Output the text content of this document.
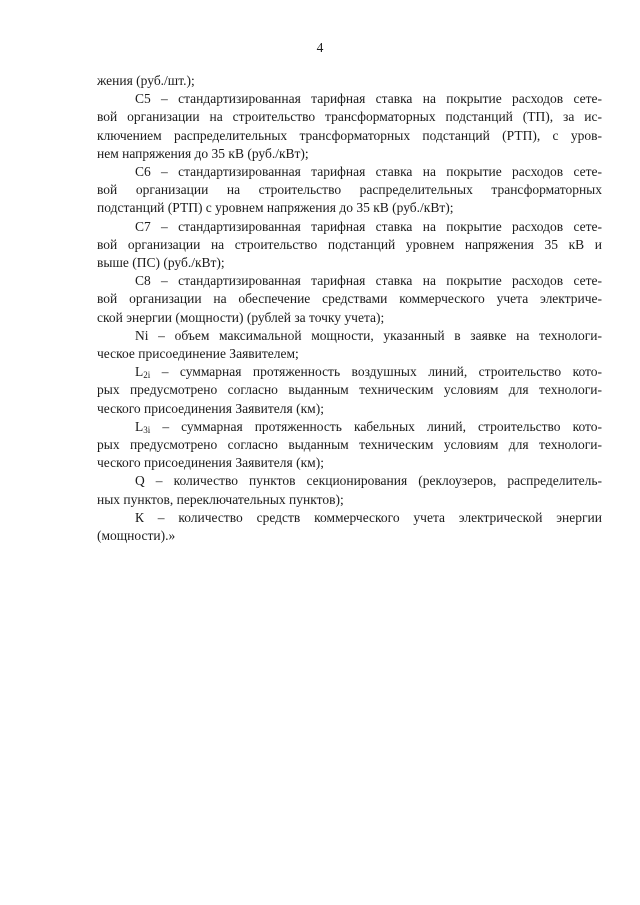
4
жения (руб./шт.);
С5 – стандартизированная тарифная ставка на покрытие расходов сете-
вой организации на строительство трансформаторных подстанций (ТП), за ис-
ключением распределительных трансформаторных подстанций (РТП), с уров-
нем напряжения до 35 кВ (руб./кВт);
С6 – стандартизированная тарифная ставка на покрытие расходов сете-
вой организации на строительство распределительных трансформаторных
подстанций (РТП) с уровнем напряжения до 35 кВ (руб./кВт);
С7 – стандартизированная тарифная ставка на покрытие расходов сете-
вой организации на строительство подстанций уровнем напряжения 35 кВ и
выше (ПС) (руб./кВт);
С8 – стандартизированная тарифная ставка на покрытие расходов сете-
вой организации на обеспечение средствами коммерческого учета электриче-
ской энергии (мощности) (рублей за точку учета);
Ni – объем максимальной мощности, указанный в заявке на технологи-
ческое присоединение Заявителем;
$L_{2i}$ – суммарная протяженность воздушных линий, строительство кото-
рых предусмотрено согласно выданным техническим условиям для технологи-
ческого присоединения Заявителя (км);
$L_{3i}$ – суммарная протяженность кабельных линий, строительство кото-
рых предусмотрено согласно выданным техническим условиям для технологи-
ческого присоединения Заявителя (км);
Q – количество пунктов секционирования (реклоузеров, распределитель-
ных пунктов, переключательных пунктов);
К – количество средств коммерческого учета электрической энергии
(мощности).»
